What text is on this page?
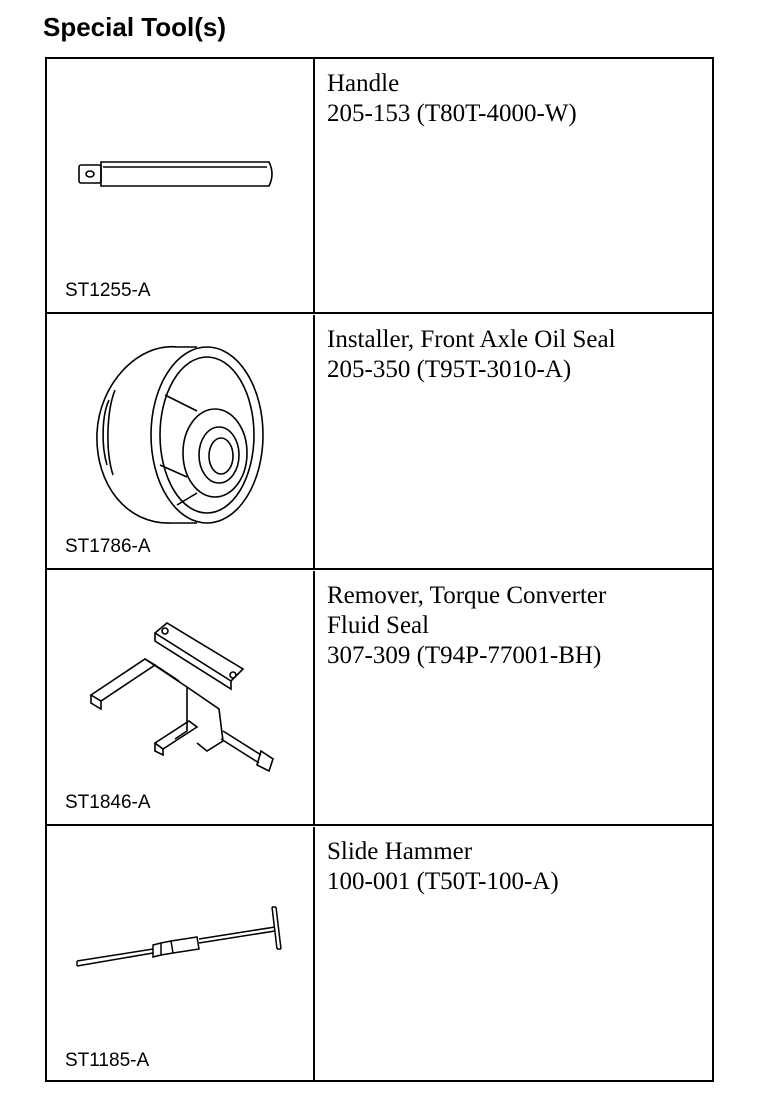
Special Tool(s)
ST1255-A
Handle
205-153 (T80T-4000-W)
ST1786-A
Installer, Front Axle Oil Seal
205-350 (T95T-3010-A)
ST1846-A
Remover, Torque Converter
Fluid Seal
307-309 (T94P-77001-BH)
ST1185-A
Slide Hammer
100-001 (T50T-100-A)
